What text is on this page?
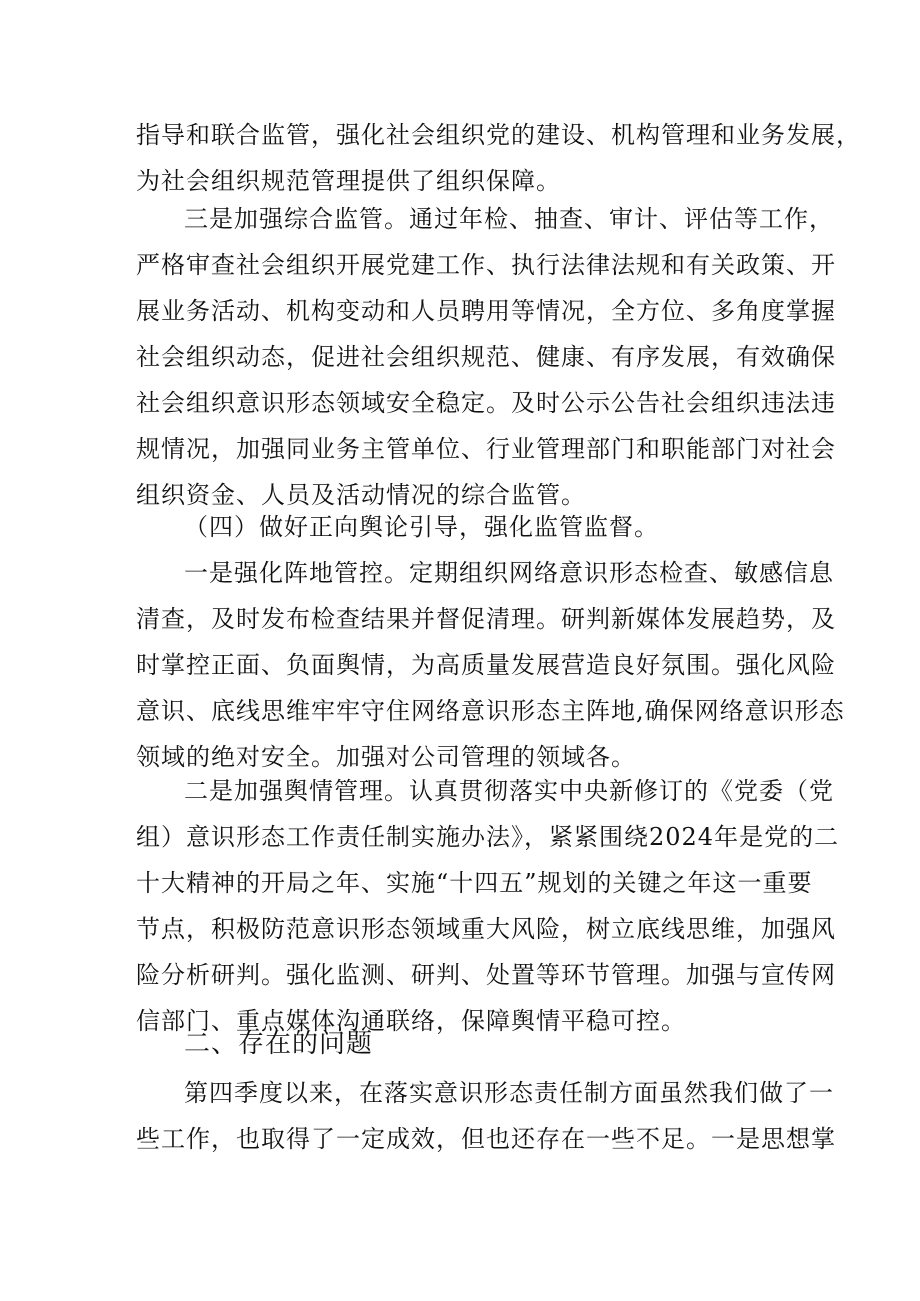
指导和联合监管，强化社会组织党的建设、机构管理和业务发展，
为社会组织规范管理提供了组织保障。
三是加强综合监管。通过年检、抽查、审计、评估等工作，
严格审查社会组织开展党建工作、执行法律法规和有关政策、开
展业务活动、机构变动和人员聘用等情况，全方位、多角度掌握
社会组织动态，促进社会组织规范、健康、有序发展，有效确保
社会组织意识形态领域安全稳定。及时公示公告社会组织违法违
规情况，加强同业务主管单位、行业管理部门和职能部门对社会
组织资金、人员及活动情况的综合监管。
（四）做好正向舆论引导，强化监管监督。
一是强化阵地管控。定期组织网络意识形态检查、敏感信息
清查，及时发布检查结果并督促清理。研判新媒体发展趋势，及
时掌控正面、负面舆情，为高质量发展营造良好氛围。强化风险
意识、底线思维牢牢守住网络意识形态主阵地,确保网络意识形态
领域的绝对安全。加强对公司管理的领域各。
二是加强舆情管理。认真贯彻落实中央新修订的《党委（党
组）意识形态工作责任制实施办法》，紧紧围绕2024年是党的二
十大精神的开局之年、实施“十四五”规划的关键之年这一重要
节点，积极防范意识形态领域重大风险，树立底线思维，加强风
险分析研判。强化监测、研判、处置等环节管理。加强与宣传网
信部门、重点媒体沟通联络，保障舆情平稳可控。
二、存在的问题
第四季度以来，在落实意识形态责任制方面虽然我们做了一
些工作，也取得了一定成效，但也还存在一些不足。一是思想掌
